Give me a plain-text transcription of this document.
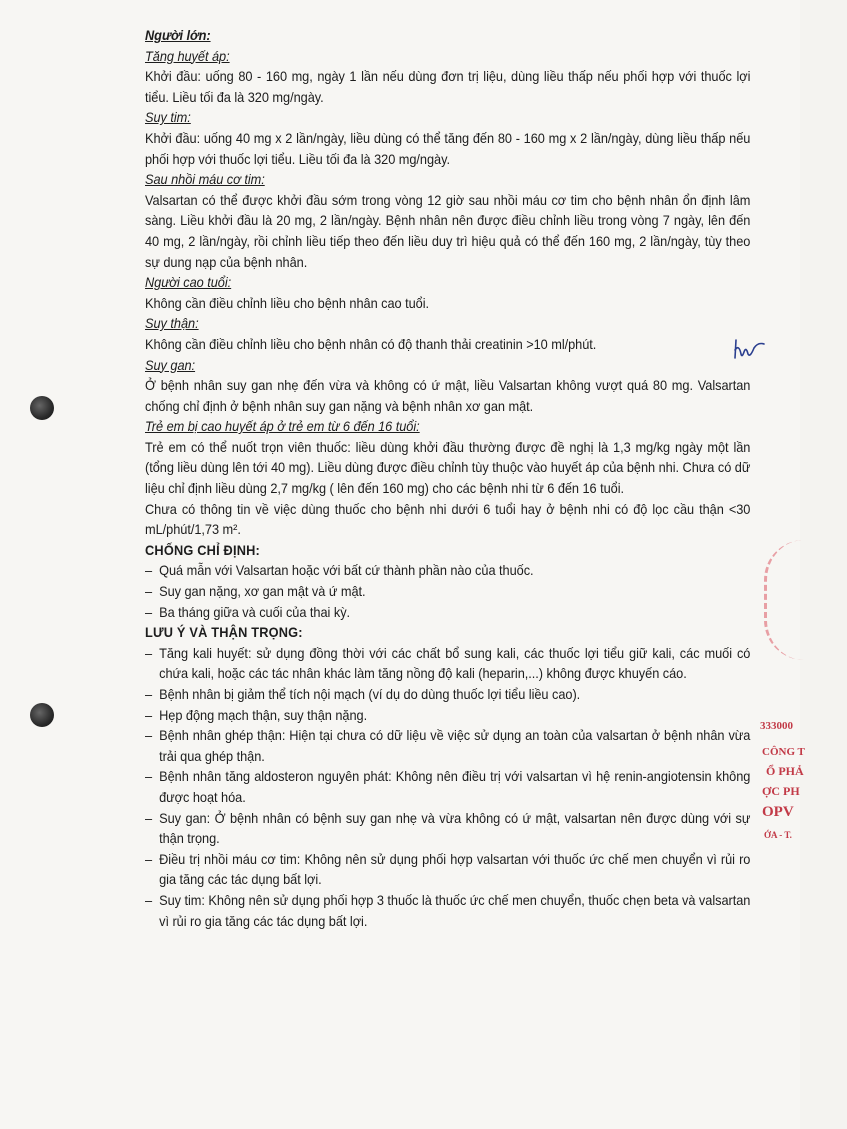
333000
CÔNG T
Ổ PHẢ
ỢC PH
OPV
ỚA - T.

Người lớn:

Tăng huyết áp:

Khởi đầu: uống 80 - 160 mg, ngày 1 lần nếu dùng đơn trị liệu, dùng liều thấp nếu phối hợp với thuốc lợi tiểu. Liều tối đa là 320 mg/ngày.

Suy tim:

Khởi đầu: uống 40 mg x 2 lần/ngày, liều dùng có thể tăng đến 80 - 160 mg x 2 lần/ngày, dùng liều thấp nếu phối hợp với thuốc lợi tiểu. Liều tối đa là 320 mg/ngày.

Sau nhồi máu cơ tim:

Valsartan có thể được khởi đầu sớm trong vòng 12 giờ sau nhồi máu cơ tim cho bệnh nhân ổn định lâm sàng. Liều khởi đầu là 20 mg, 2 lần/ngày. Bệnh nhân nên được điều chỉnh liều trong vòng 7 ngày, lên đến 40 mg, 2 lần/ngày, rồi chỉnh liều tiếp theo đến liều duy trì hiệu quả có thể đến 160 mg, 2 lần/ngày, tùy theo sự dung nạp của bệnh nhân.

Người cao tuổi:

Không cần điều chỉnh liều cho bệnh nhân cao tuổi.

Suy thận:

Không cần điều chỉnh liều cho bệnh nhân có độ thanh thải creatinin >10 ml/phút.

Suy gan:

Ở bệnh nhân suy gan nhẹ đến vừa và không có ứ mật, liều Valsartan không vượt quá 80 mg. Valsartan chống chỉ định ở bệnh nhân suy gan nặng và bệnh nhân xơ gan mật.

Trẻ em bị cao huyết áp ở trẻ em từ 6 đến 16 tuổi:

Trẻ em có thể nuốt trọn viên thuốc: liều dùng khởi đầu thường được đề nghị là 1,3 mg/kg ngày một lần (tổng liều dùng lên tới 40 mg). Liều dùng được điều chỉnh tùy thuộc vào huyết áp của bệnh nhi. Chưa có dữ liệu chỉ định liều dùng 2,7 mg/kg ( lên đến 160 mg) cho các bệnh nhi từ 6 đến 16 tuổi.

Chưa có thông tin về việc dùng thuốc cho bệnh nhi dưới 6 tuổi hay ở bệnh nhi có độ lọc cầu thận <30 mL/phút/1,73 m².

CHỐNG CHỈ ĐỊNH:

– Quá mẫn với Valsartan hoặc với bất cứ thành phần nào của thuốc.
– Suy gan nặng, xơ gan mật và ứ mật.
– Ba tháng giữa và cuối của thai kỳ.

LƯU Ý VÀ THẬN TRỌNG:

– Tăng kali huyết: sử dụng đồng thời với các chất bổ sung kali, các thuốc lợi tiểu giữ kali, các muối có chứa kali, hoặc các tác nhân khác làm tăng nồng độ kali (heparin,...) không được khuyến cáo.
– Bệnh nhân bị giảm thể tích nội mạch (ví dụ do dùng thuốc lợi tiểu liều cao).
– Hẹp động mạch thận, suy thận nặng.
– Bệnh nhân ghép thận: Hiện tại chưa có dữ liệu về việc sử dụng an toàn của valsartan ở bệnh nhân vừa trải qua ghép thận.
– Bệnh nhân tăng aldosteron nguyên phát: Không nên điều trị với valsartan vì hệ renin-angiotensin không được hoạt hóa.
– Suy gan: Ở bệnh nhân có bệnh suy gan nhẹ và vừa không có ứ mật, valsartan nên được dùng với sự thận trọng.
– Điều trị nhồi máu cơ tim: Không nên sử dụng phối hợp valsartan với thuốc ức chế men chuyển vì rủi ro gia tăng các tác dụng bất lợi.
– Suy tim: Không nên sử dụng phối hợp 3 thuốc là thuốc ức chế men chuyển, thuốc chẹn beta và valsartan vì rủi ro gia tăng các tác dụng bất lợi.
